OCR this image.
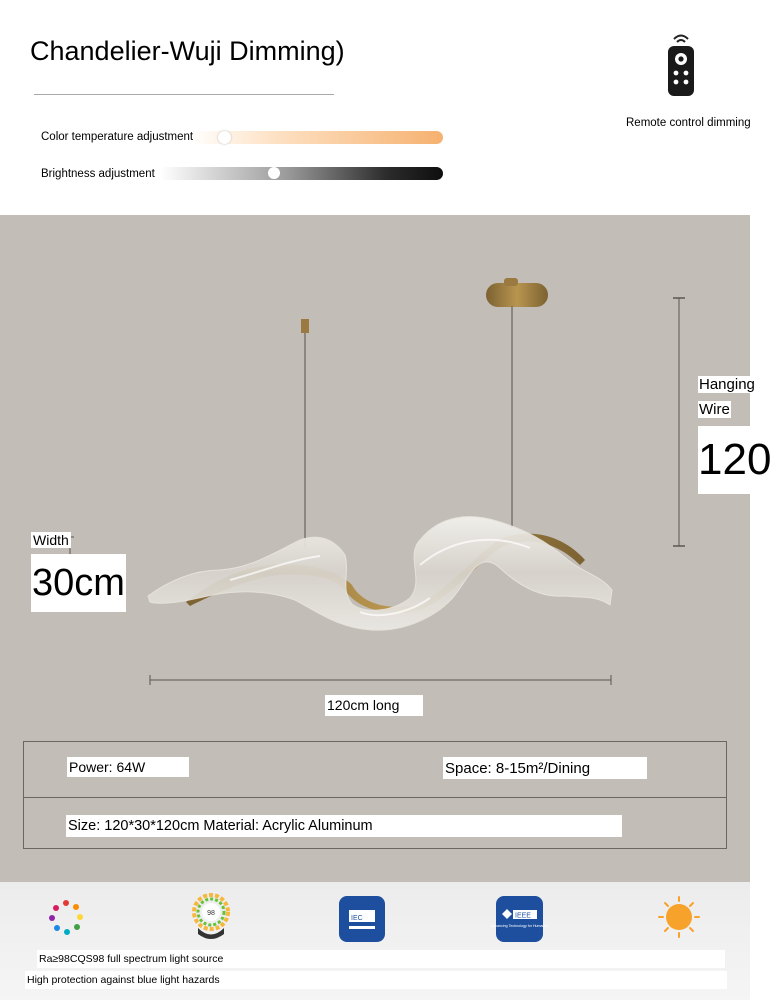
Chandelier-Wuji Dimming)
Color temperature adjustment
Brightness adjustment
Remote control dimming
Hanging
Wire
120
Width
30cm
120cm long
Power: 64W	Space: 8-15m²/Dining
Size: 120*30*120cm Material: Acrylic Aluminum
98
IEC	IEEE
Advancing Technology for Humanity
Ra≥98CQS98 full spectrum light source
High protection against blue light hazards
